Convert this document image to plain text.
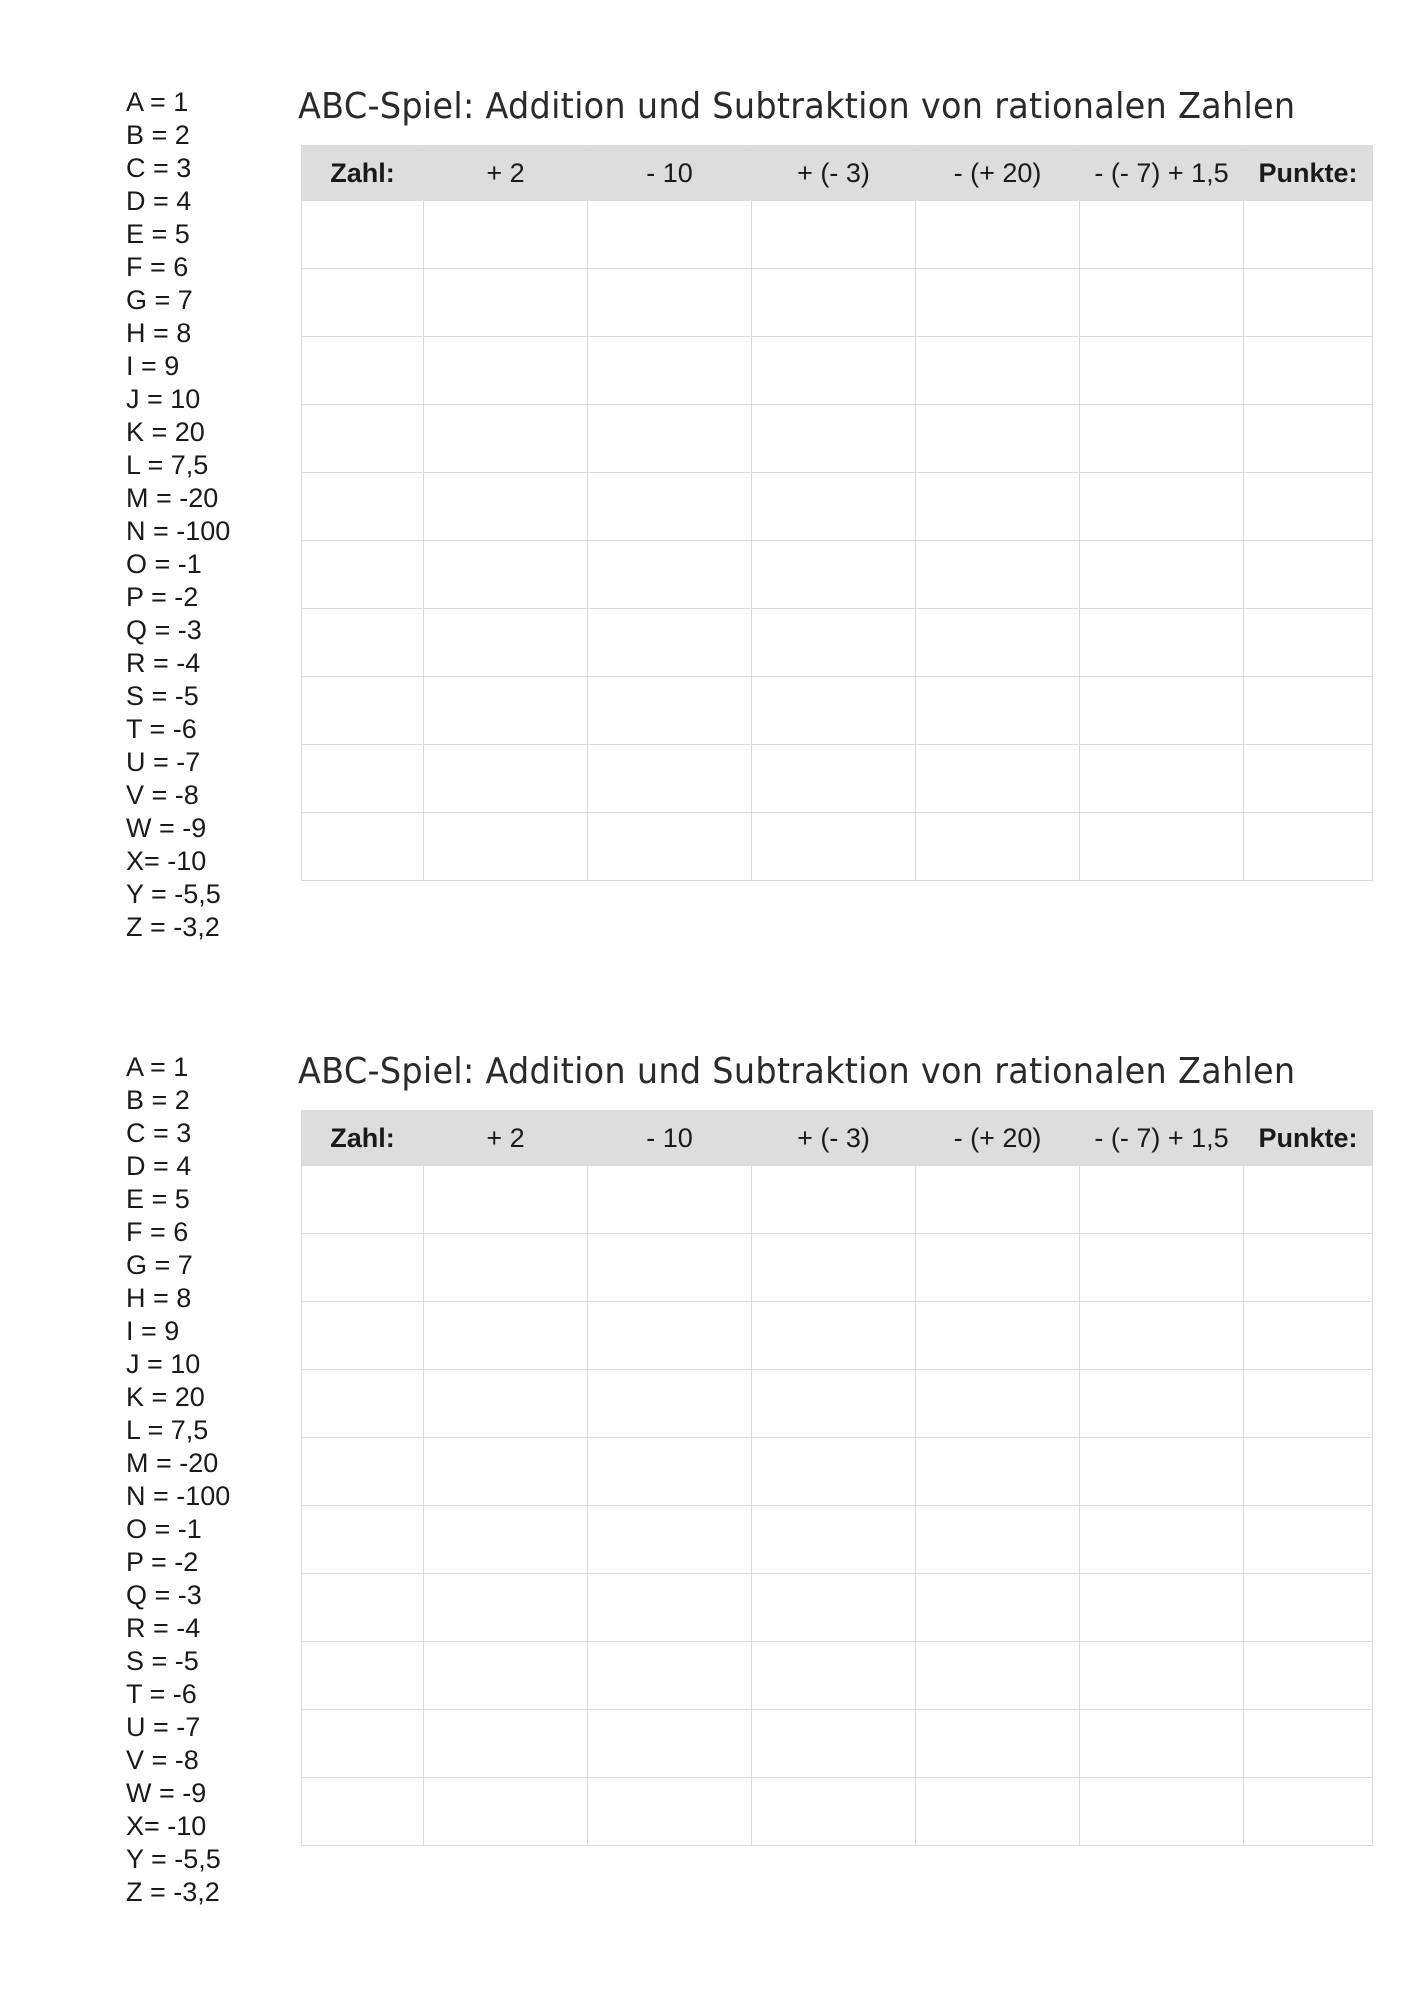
A = 1
B = 2
C = 3
D = 4
E = 5
F = 6
G = 7
H = 8
I = 9
J = 10
K = 20
L = 7,5
M = -20
N = -100
O = -1
P = -2
Q = -3
R = -4
S = -5
T = -6
U = -7
V = -8
W = -9
X= -10
Y = -5,5
Z = -3,2
ABC-Spiel: Addition und Subtraktion von rationalen Zahlen
Zahl:	+ 2	- 10	+ (- 3)	- (+ 20)	- (- 7) + 1,5	Punkte:

A = 1
B = 2
C = 3
D = 4
E = 5
F = 6
G = 7
H = 8
I = 9
J = 10
K = 20
L = 7,5
M = -20
N = -100
O = -1
P = -2
Q = -3
R = -4
S = -5
T = -6
U = -7
V = -8
W = -9
X= -10
Y = -5,5
Z = -3,2
ABC-Spiel: Addition und Subtraktion von rationalen Zahlen
Zahl:	+ 2	- 10	+ (- 3)	- (+ 20)	- (- 7) + 1,5	Punkte:
